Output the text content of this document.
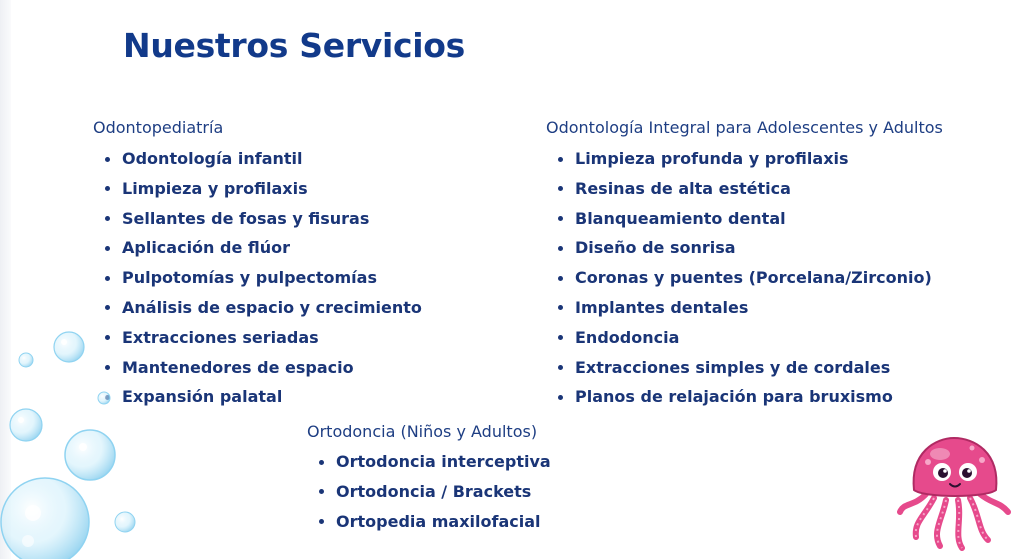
Nuestros Servicios
Odontopediatría
Odontología infantil
Limpieza y profilaxis
Sellantes de fosas y fisuras
Aplicación de flúor
Pulpotomías y pulpectomías
Análisis de espacio y crecimiento
Extracciones seriadas
Mantenedores de espacio
Expansión palatal
Odontología Integral para Adolescentes y Adultos
Limpieza profunda y profilaxis
Resinas de alta estética
Blanqueamiento dental
Diseño de sonrisa
Coronas y puentes (Porcelana/Zirconio)
Implantes dentales
Endodoncia
Extracciones simples y de cordales
Planos de relajación para bruxismo
Ortodoncia (Niños y Adultos)
Ortodoncia interceptiva
Ortodoncia / Brackets
Ortopedia maxilofacial
